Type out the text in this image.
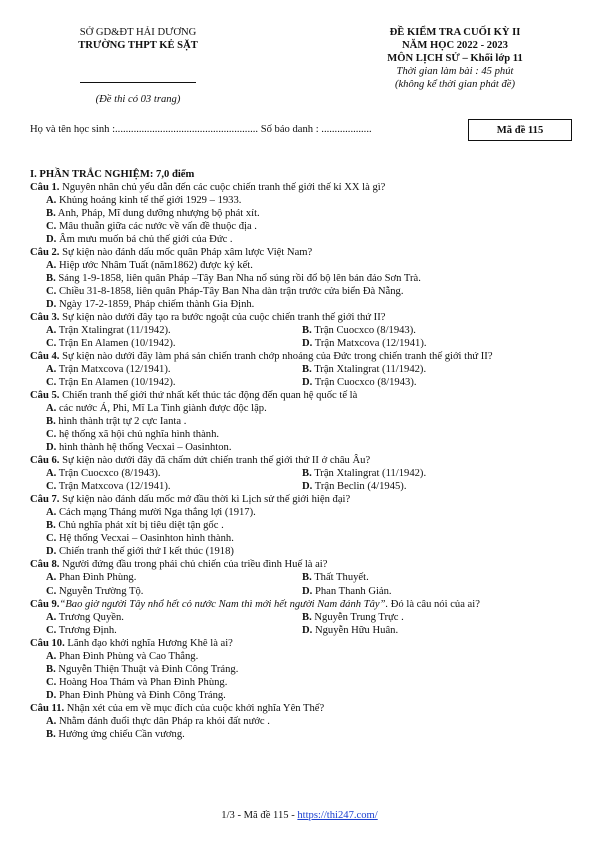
SỞ GD&ĐT HẢI DƯƠNG
TRƯỜNG THPT KẺ SẶT
(Đề thi có 03 trang)
ĐỀ KIỂM TRA CUỐI KỲ II
NĂM HỌC 2022 - 2023
MÔN LỊCH SỬ – Khối lớp 11
Thời gian làm bài : 45 phút
(không kể thời gian phát đề)
Họ và tên học sinh :...................................................... Số báo danh : ...................	Mã đề 115
I. PHẦN TRẮC NGHIỆM: 7,0 điểm
Câu 1. Nguyên nhân chủ yếu dẫn đến các cuộc chiến tranh thế giới thế kỉ XX là gì?
A. Khủng hoảng kinh tế thế giới 1929 – 1933.
B. Anh, Pháp, Mĩ dung dưỡng nhượng bộ phát xít.
C. Mâu thuẫn giữa các nước về vấn đề thuộc địa .
D. Âm mưu muốn bá chủ thế giới của Đức .
Câu 2. Sự kiện nào đánh dấu mốc quân Pháp xâm lược Việt Nam?
A. Hiệp ước Nhâm Tuất (năm1862) được ký kết.
B. Sáng 1-9-1858, liên quân Pháp –Tây Ban Nha nổ súng rồi đổ bộ lên bán đảo Sơn Trà.
C. Chiều 31-8-1858, liên quân Pháp-Tây Ban Nha dàn trận trước cửa biển Đà Nẵng.
D. Ngày 17-2-1859, Pháp chiếm thành Gia Định.
Câu 3. Sự kiện nào dưới đây tạo ra bước ngoặt của cuộc chiến tranh thế giới thứ II?
A. Trận Xtalingrat (11/1942).	B. Trận Cuocxco (8/1943).
C. Trận En Alamen (10/1942).	D. Trận Matxcova (12/1941).
Câu 4. Sự kiện nào dưới đây làm phá sản chiến tranh chớp nhoáng của Đức trong chiến tranh thế giới thứ II?
A. Trận Matxcova (12/1941).	B. Trận Xtalingrat (11/1942).
C. Trận En Alamen (10/1942).	D. Trận Cuocxco (8/1943).
Câu 5. Chiến tranh thế giới thứ nhất kết thúc tác động đến quan hệ quốc tế là
A. các nước Á, Phi, Mĩ La Tinh giành được độc lập.
B. hình thành trật tự 2 cực Ianta .
C. hệ thống xã hội chủ nghĩa hình thành.
D. hình thành hệ thống Vecxai – Oasinhton.
Câu 6. Sự kiện nào dưới đây đã chấm dứt chiến tranh thế giới thứ II ở châu Âu?
A. Trận Cuocxco (8/1943).	B. Trận Xtalingrat (11/1942).
C. Trận Matxcova (12/1941).	D. Trận Beclin (4/1945).
Câu 7. Sự kiện nào đánh dấu mốc mở đầu thời kì Lịch sử thế giới hiện đại?
A. Cách mạng Tháng mười Nga thắng lợi (1917).
B. Chủ nghĩa phát xít bị tiêu diệt tận gốc .
C. Hệ thống Vecxai – Oasinhton hình thành.
D. Chiến tranh thế giới thứ I kết thúc (1918)
Câu 8. Người đứng đầu trong phái chủ chiến của triều đình Huế là ai?
A. Phan Đình Phùng.	B. Thất Thuyết.
C. Nguyễn Trường Tộ.	D. Phan Thanh Giản.
Câu 9.“Bao giờ người Tây nhổ hết cỏ nước Nam thì mới hết người Nam đánh Tây”. Đó là câu nói của ai?
A. Trương Quyền.	B. Nguyễn Trung Trực .
C. Trương Định.	D. Nguyễn Hữu Huân.
Câu 10. Lãnh đạo khởi nghĩa Hương Khê là ai?
A. Phan Đình Phùng và Cao Thắng.
B. Nguyễn Thiện Thuật và Đinh Công Tráng.
C. Hoàng Hoa Thám và Phan Đình Phùng.
D. Phan Đình Phùng và Đinh Công Tráng.
Câu 11. Nhận xét của em về mục đích của cuộc khởi nghĩa Yên Thế?
A. Nhằm đánh đuổi thực dân Pháp ra khỏi đất nước .
B. Hưởng ứng chiếu Cần vương.
1/3 - Mã đề 115 - https://thi247.com/
